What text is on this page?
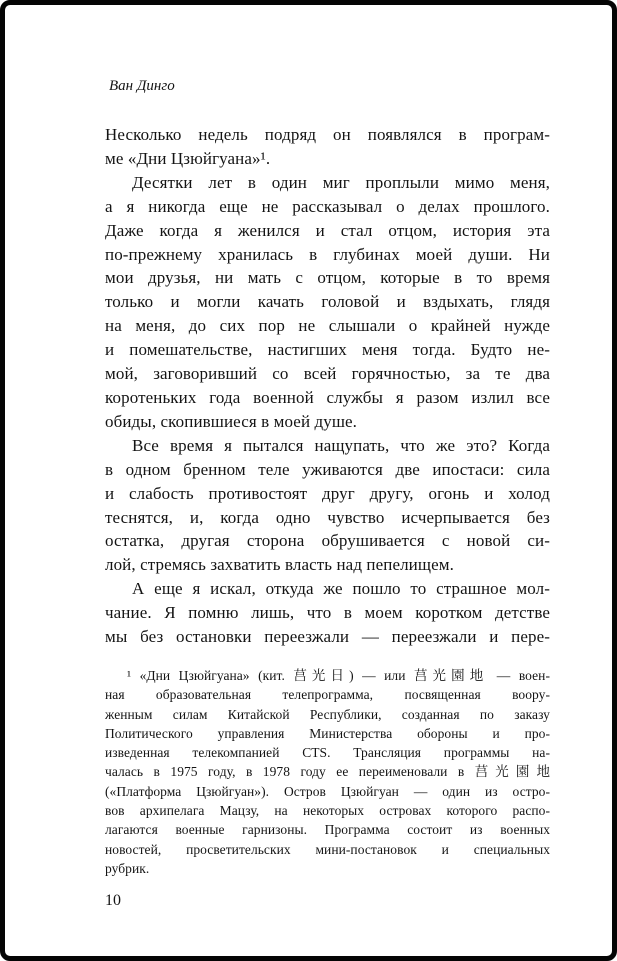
Ван Динго
Несколько недель подряд он появлялся в програм-
ме «Дни Цзюйгуана»¹.
Десятки лет в один миг проплыли мимо меня,
а я никогда еще не рассказывал о делах прошлого.
Даже когда я женился и стал отцом, история эта
по-прежнему хранилась в глубинах моей души. Ни
мои друзья, ни мать с отцом, которые в то время
только и могли качать головой и вздыхать, глядя
на меня, до сих пор не слышали о крайней нужде
и помешательстве, настигших меня тогда. Будто не-
мой, заговоривший со всей горячностью, за те два
коротеньких года военной службы я разом излил все
обиды, скопившиеся в моей душе.
Все время я пытался нащупать, что же это? Когда
в одном бренном теле уживаются две ипостаси: сила
и слабость противостоят друг другу, огонь и холод
теснятся, и, когда одно чувство исчерпывается без
остатка, другая сторона обрушивается с новой си-
лой, стремясь захватить власть над пепелищем.
А еще я искал, откуда же пошло то страшное мол-
чание. Я помню лишь, что в моем коротком детстве
мы без остановки переезжали — переезжали и пере-
¹ «Дни Цзюйгуана» (кит. 莒光日) — или 莒光園地 — воен-
ная образовательная телепрограмма, посвященная воору-
женным силам Китайской Республики, созданная по заказу
Политического управления Министерства обороны и про-
изведенная телекомпанией CTS. Трансляция программы на-
чалась в 1975 году, в 1978 году ее переименовали в 莒光園地
(«Платформа Цзюйгуан»). Остров Цзюйгуан — один из остро-
вов архипелага Мацзу, на некоторых островах которого распо-
лагаются военные гарнизоны. Программа состоит из военных
новостей, просветительских мини-постановок и специальных
рубрик.
10
